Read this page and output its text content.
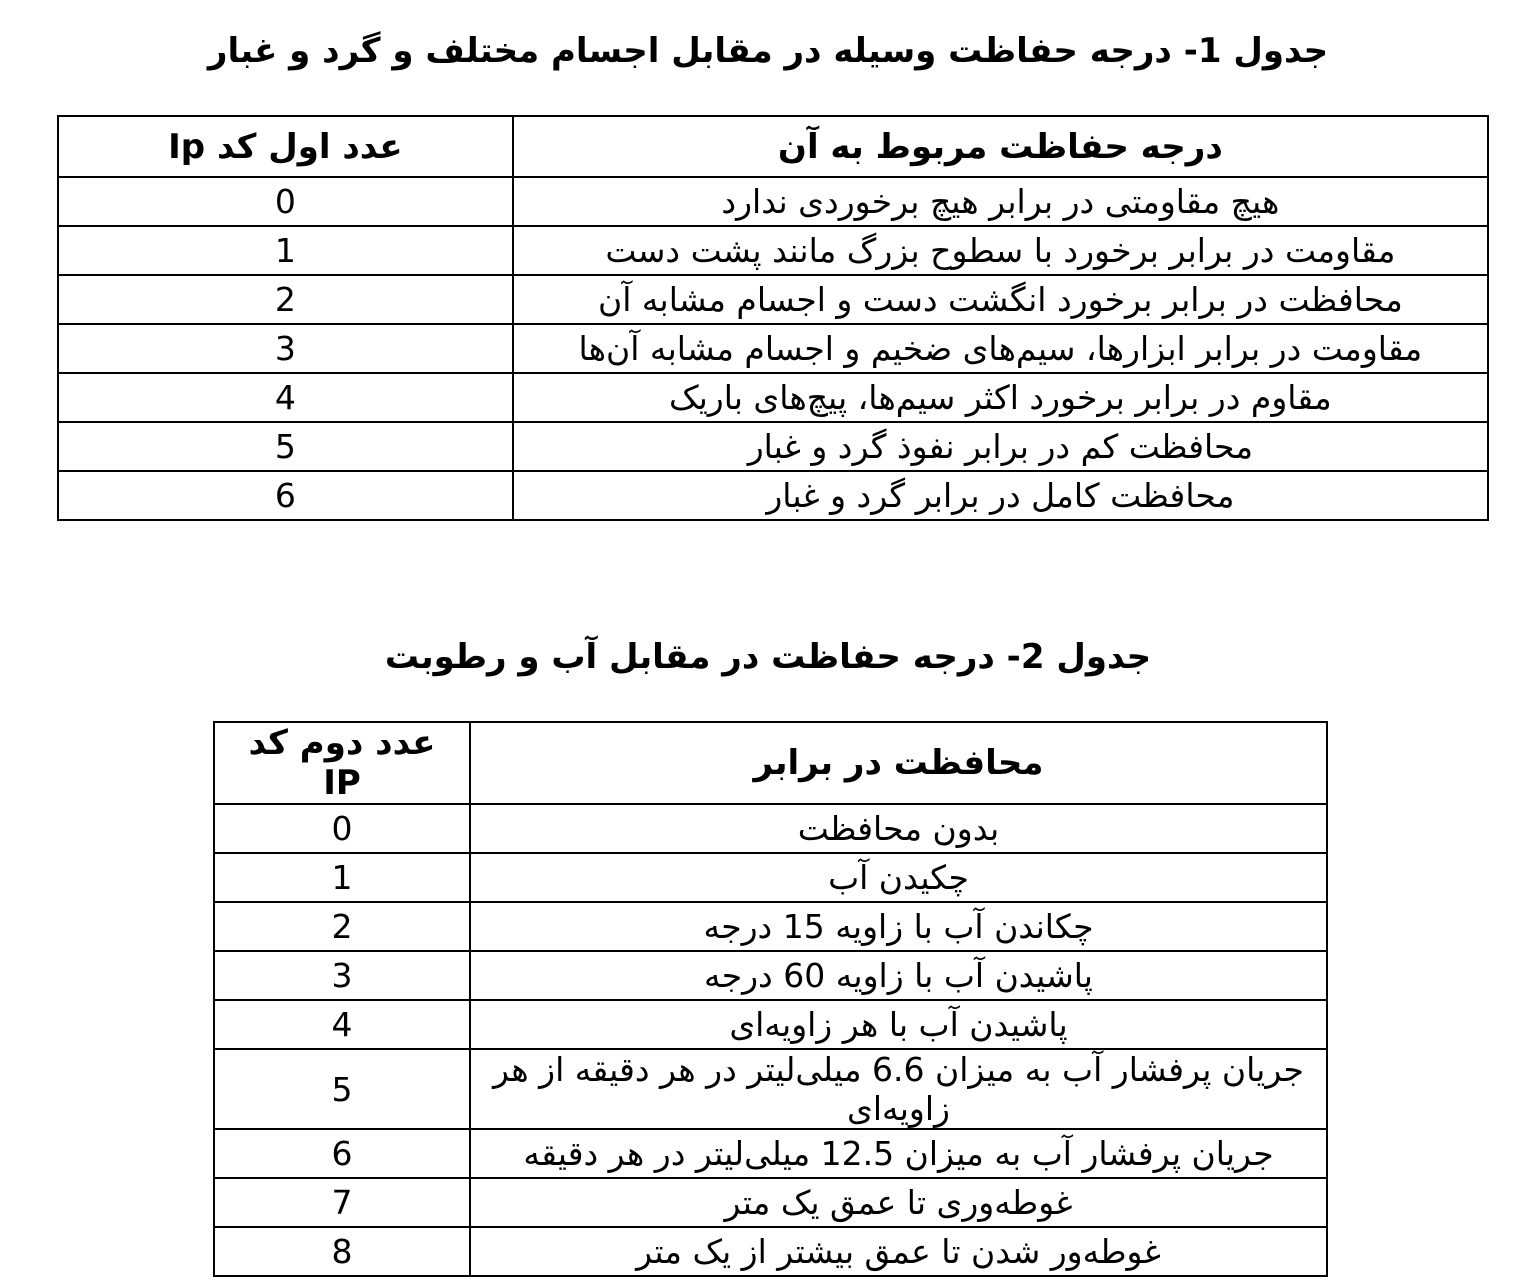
جدول 1- درجه حفاظت وسیله در مقابل اجسام مختلف و گرد و غبار
درجه حفاظت مربوط به آن	عدد اول کد Ip
هیچ مقاومتی در برابر هیچ برخوردی ندارد	0
مقاومت در برابر برخورد با سطوح بزرگ مانند پشت دست	1
محافظت در برابر برخورد انگشت دست و اجسام مشابه آن	2
مقاومت در برابر ابزارها، سیم‌های ضخیم و اجسام مشابه آن‌ها	3
مقاوم در برابر برخورد اکثر سیم‌ها، پیچ‌های باریک	4
محافظت کم در برابر نفوذ گرد و غبار	5
محافظت کامل در برابر گرد و غبار	6
جدول 2- درجه حفاظت در مقابل آب و رطوبت
محافظت در برابر	عدد دوم کد IP
بدون محافظت	0
چکیدن آب	1
چکاندن آب با زاویه 15 درجه	2
پاشیدن آب با زاویه 60 درجه	3
پاشیدن آب با هر زاویه‌ای	4
جریان پرفشار آب به میزان 6.6 میلی‌لیتر در هر دقیقه از هر زاویه‌ای	5
جریان پرفشار آب به میزان 12.5 میلی‌لیتر در هر دقیقه	6
غوطه‌وری تا عمق یک متر	7
غوطه‌ور شدن تا عمق بیشتر از یک متر	8
